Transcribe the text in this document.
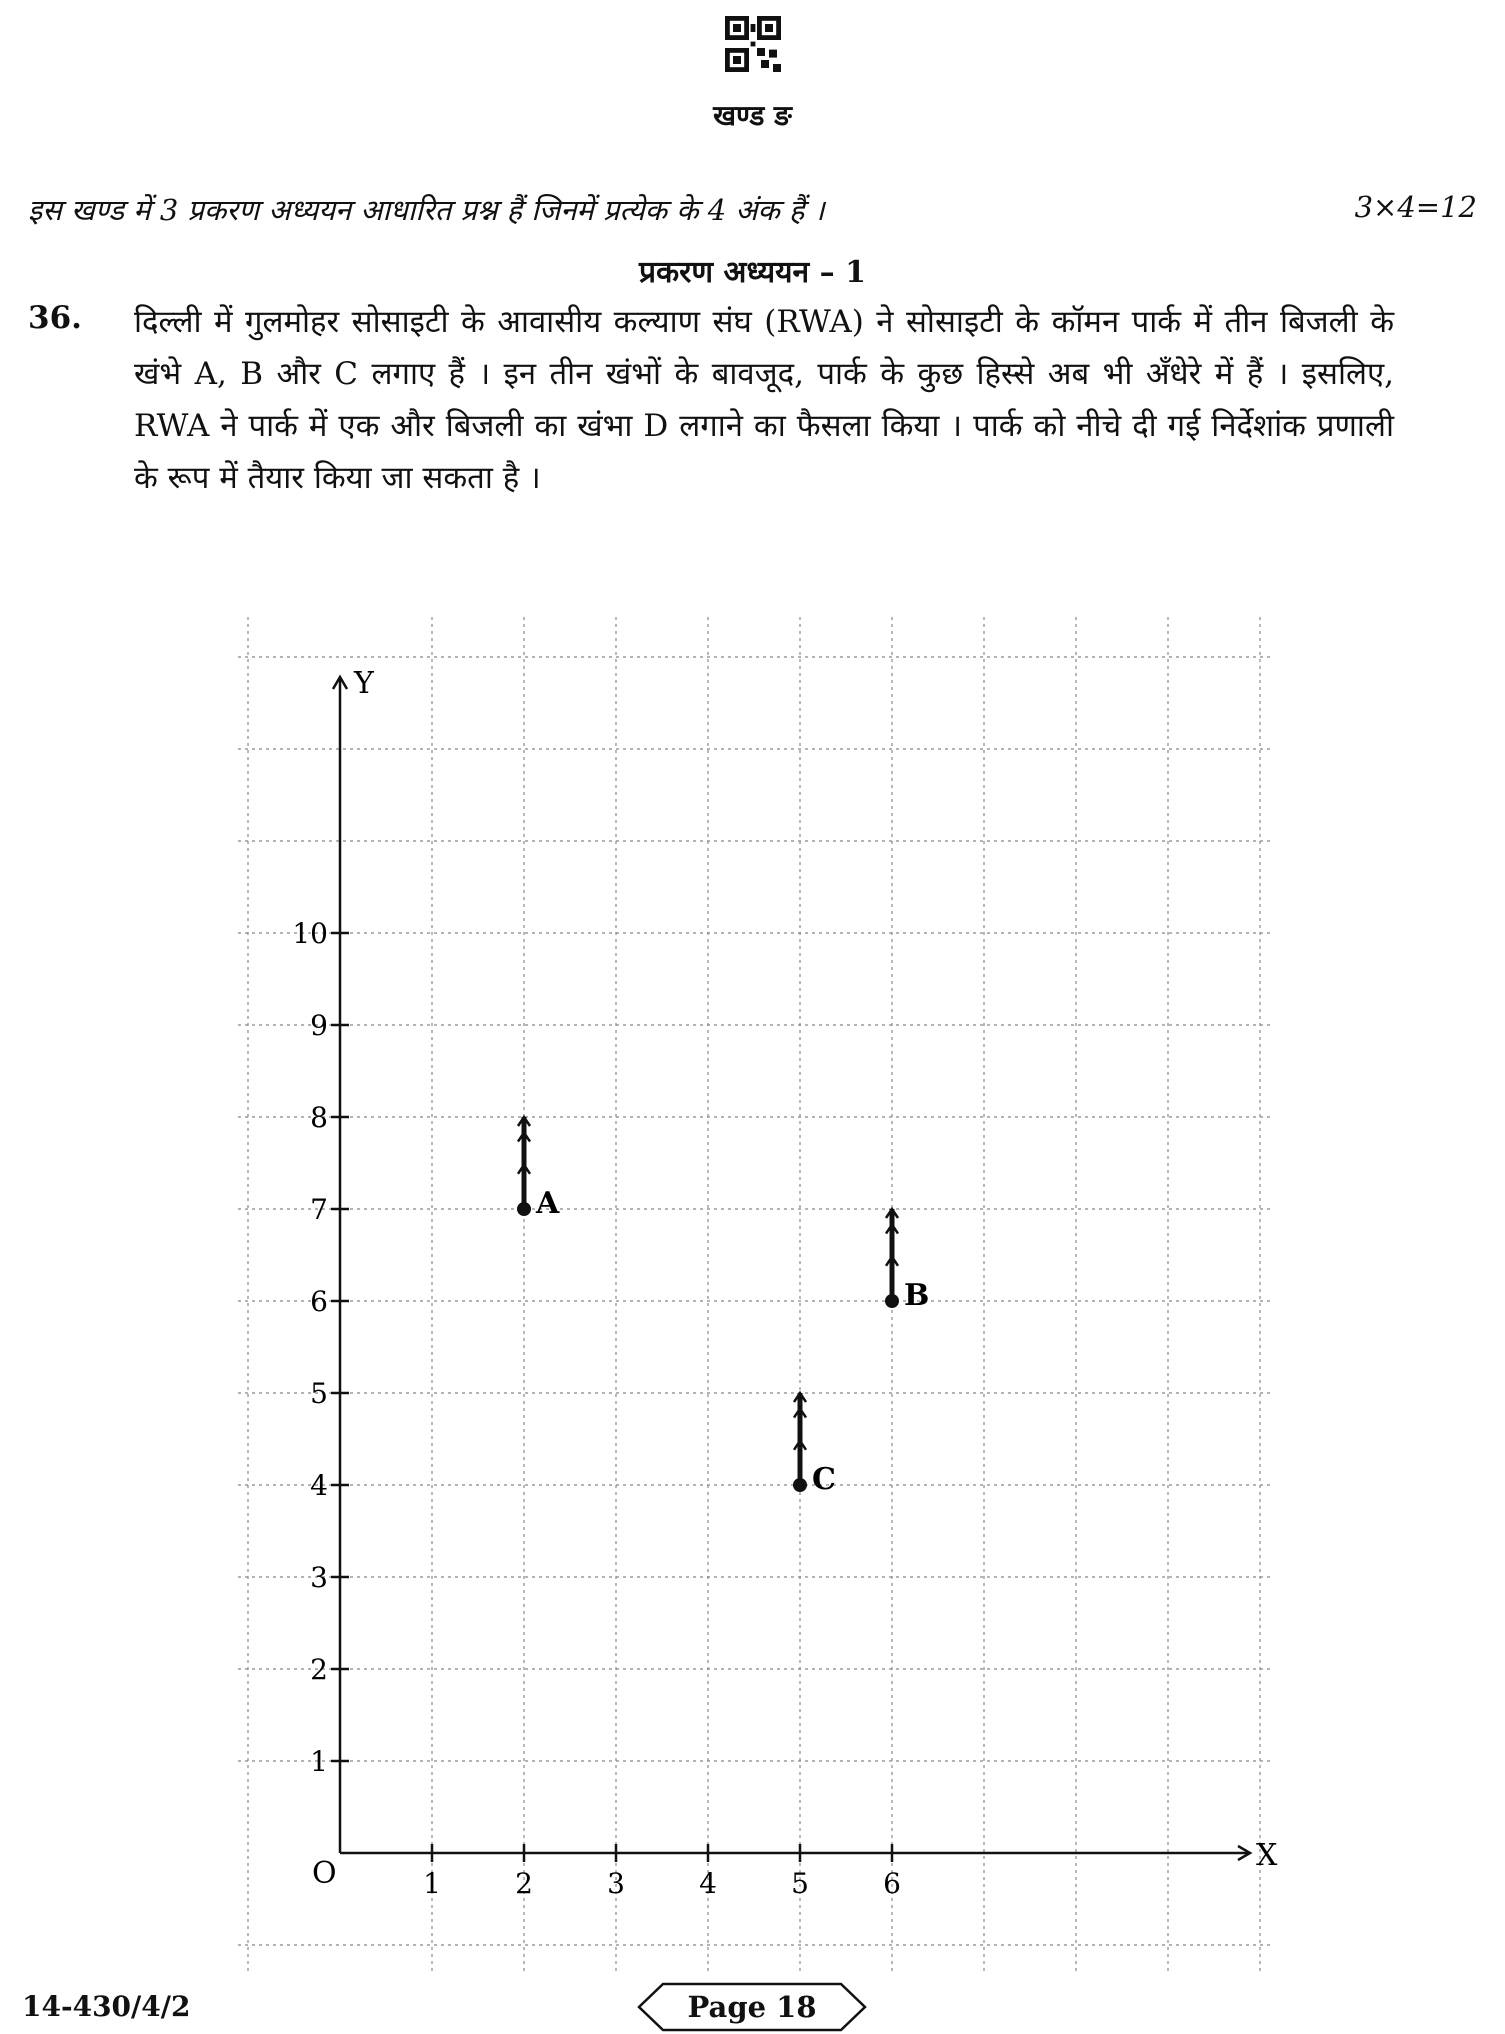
खण्ड ङ
इस खण्ड में 3 प्रकरण अध्ययन आधारित प्रश्न हैं जिनमें प्रत्येक के 4 अंक हैं ।	3×4=12
प्रकरण अध्ययन – 1
36. दिल्ली में गुलमोहर सोसाइटी के आवासीय कल्याण संघ (RWA) ने सोसाइटी के कॉमन पार्क में तीन बिजली के खंभे A, B और C लगाए हैं । इन तीन खंभों के बावजूद, पार्क के कुछ हिस्से अब भी अँधेरे में हैं । इसलिए, RWA ने पार्क में एक और बिजली का खंभा D लगाने का फैसला किया । पार्क को नीचे दी गई निर्देशांक प्रणाली के रूप में तैयार किया जा सकता है ।
Y
X
O	1	2	3	4	5	6
1
2
3
4
5
6
7
8
9
10
A
B
C
14-430/4/2	Page 18
